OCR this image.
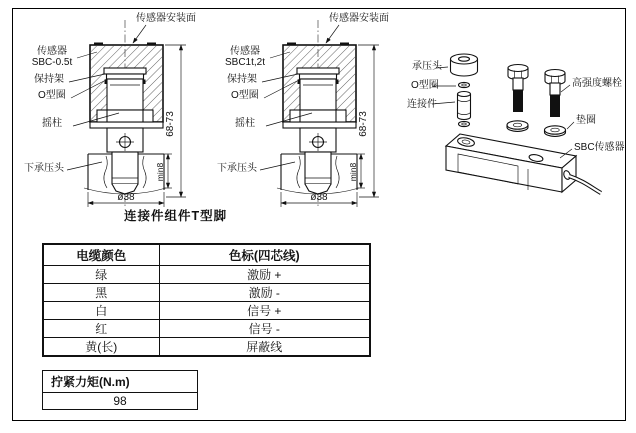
68-73
min8
ø38
传感器安装面
传感器
SBC-0.5t
保持架
O型圈
摇柱
下承压头
68-73
min8
ø38
传感器安装面
传感器
SBC1t,2t
保持架
O型圈
摇柱
下承压头
承压头
O型圈
连接件
高强度螺栓
垫圈
SBC传感器
连接件组件T型脚
电缆颜色	色标(四芯线)
绿	激励 +
黑	激励 -
白	信号 +
红	信号 -
黄(长)	屏蔽线
拧紧力矩(N.m)
98
